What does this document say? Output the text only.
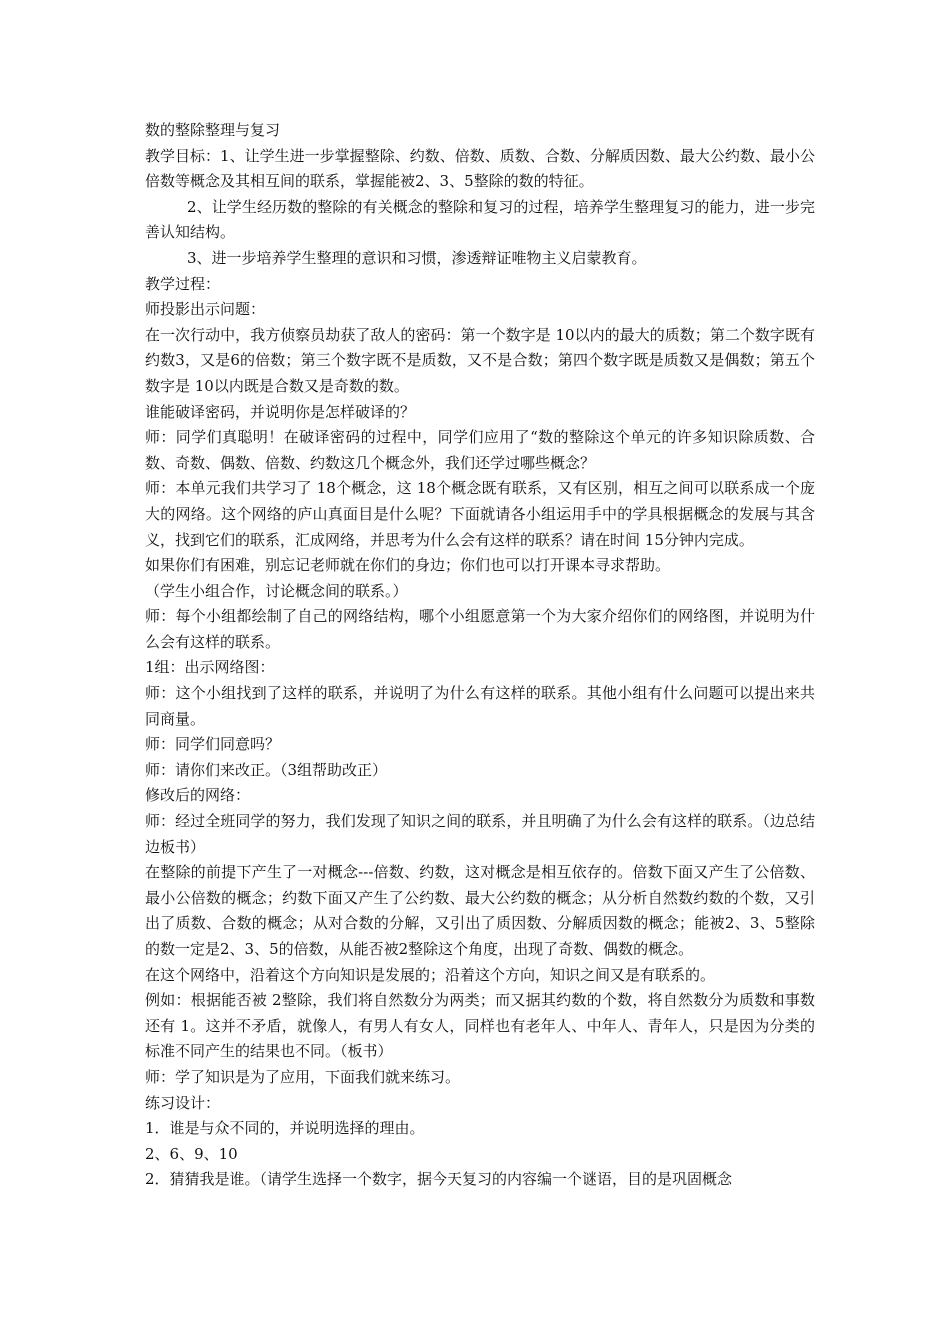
数的整除整理与复习

教学目标：1、让学生进一步掌握整除、约数、倍数、质数、合数、分解质因数、最大公约数、最小公倍数等概念及其相互间的联系，掌握能被2、3、5整除的数的特征。

2、让学生经历数的整除的有关概念的整除和复习的过程，培养学生整理复习的能力，进一步完善认知结构。

3、进一步培养学生整理的意识和习惯，渗透辩证唯物主义启蒙教育。

教学过程：

师投影出示问题：

在一次行动中，我方侦察员劫获了敌人的密码：第一个数字是 10以内的最大的质数；第二个数字既有约数3，又是6的倍数；第三个数字既不是质数，又不是合数；第四个数字既是质数又是偶数；第五个数字是 10以内既是合数又是奇数的数。

谁能破译密码，并说明你是怎样破译的？

师：同学们真聪明！在破译密码的过程中，同学们应用了“数的整除这个单元的许多知识除质数、合数、奇数、偶数、倍数、约数这几个概念外，我们还学过哪些概念？

师：本单元我们共学习了 18个概念，这 18个概念既有联系，又有区别，相互之间可以联系成一个庞大的网络。这个网络的庐山真面目是什么呢？下面就请各小组运用手中的学具根据概念的发展与其含义，找到它们的联系，汇成网络，并思考为什么会有这样的联系？请在时间 15分钟内完成。

如果你们有困难，别忘记老师就在你们的身边；你们也可以打开课本寻求帮助。

（学生小组合作，讨论概念间的联系。）

师：每个小组都绘制了自己的网络结构，哪个小组愿意第一个为大家介绍你们的网络图，并说明为什么会有这样的联系。

1组：出示网络图：

师：这个小组找到了这样的联系，并说明了为什么有这样的联系。其他小组有什么问题可以提出来共同商量。

师：同学们同意吗？

师：请你们来改正。（3组帮助改正）

修改后的网络：

师：经过全班同学的努力，我们发现了知识之间的联系，并且明确了为什么会有这样的联系。（边总结边板书）

在整除的前提下产生了一对概念---倍数、约数，这对概念是相互依存的。倍数下面又产生了公倍数、最小公倍数的概念；约数下面又产生了公约数、最大公约数的概念；从分析自然数约数的个数，又引出了质数、合数的概念；从对合数的分解，又引出了质因数、分解质因数的概念；能被2、3、5整除的数一定是2、3、5的倍数，从能否被2整除这个角度，出现了奇数、偶数的概念。

在这个网络中，沿着这个方向知识是发展的；沿着这个方向，知识之间又是有联系的。

例如：根据能否被 2整除，我们将自然数分为两类；而又据其约数的个数，将自然数分为质数和事数还有 1。这并不矛盾，就像人，有男人有女人，同样也有老年人、中年人、青年人，只是因为分类的标准不同产生的结果也不同。（板书）

师：学了知识是为了应用，下面我们就来练习。

练习设计：

1．谁是与众不同的，并说明选择的理由。

2、6、9、10

2．猜猜我是谁。（请学生选择一个数字，据今天复习的内容编一个谜语，目的是巩固概念
